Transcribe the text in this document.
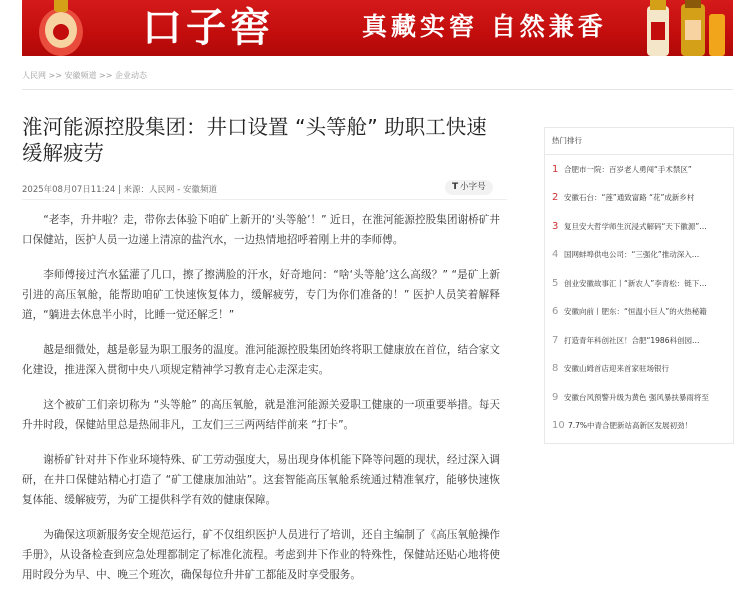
口子窖	真藏实窖 自然兼香
人民网 >> 安徽频道 >> 企业动态
淮河能源控股集团：井口设置 “头等舱” 助职工快速缓解疲劳
2025年08月07日11:24 | 来源：人民网 - 安徽频道	T 小字号

“老李，升井啦？走，带你去体验下咱矿上新开的‘头等舱’！” 近日，在淮河能源控股集团谢桥矿井口保健站，医护人员一边递上清凉的盐汽水，一边热情地招呼着刚上井的李师傅。

李师傅接过汽水猛灌了几口，擦了擦满脸的汗水，好奇地问：“啥‘头等舱’这么高级？” “是矿上新引进的高压氧舱，能帮助咱矿工快速恢复体力，缓解疲劳，专门为你们准备的！” 医护人员笑着解释道，“躺进去休息半小时，比睡一觉还解乏！”

越是细微处，越是彰显为职工服务的温度。淮河能源控股集团始终将职工健康放在首位，结合家文化建设，推进深入贯彻中央八项规定精神学习教育走心走深走实。

这个被矿工们亲切称为 “头等舱” 的高压氧舱，就是淮河能源关爱职工健康的一项重要举措。每天升井时段，保健站里总是热闹非凡，工友们三三两两结伴前来 “打卡”。

谢桥矿针对井下作业环境特殊、矿工劳动强度大，易出现身体机能下降等问题的现状，经过深入调研，在井口保健站精心打造了 “矿工健康加油站”。这套智能高压氧舱系统通过精准氧疗，能够快速恢复体能、缓解疲劳，为矿工提供科学有效的健康保障。

为确保这项新服务安全规范运行，矿不仅组织医护人员进行了培训，还自主编制了《高压氧舱操作手册》，从设备检查到应急处理都制定了标准化流程。考虑到井下作业的特殊性，保健站还贴心地将使用时段分为早、中、晚三个班次，确保每位升井矿工都能及时享受服务。

热门排行
1 合肥市一院：百岁老人勇闯“手术禁区”
2 安徽石台：“莲”通致富路 “花”成新乡村
3 复旦安大哲学师生沉浸式解码“天下徽源”…
4 国网蚌埠供电公司：“三强化”推动深入…
5 创业安徽故事汇丨“新农人”李青松：链下…
6 安徽向前丨肥东：“恒温小巨人”的火热秘籍
7 打造青年科创社区！合肥“1986科创园…
8 安徽山姆首店迎来首家驻场银行
9 安徽台风预警升级为黄色 强风暴扶暴雨将至
10 7.7%中青合肥新站高新区发展初劲！
